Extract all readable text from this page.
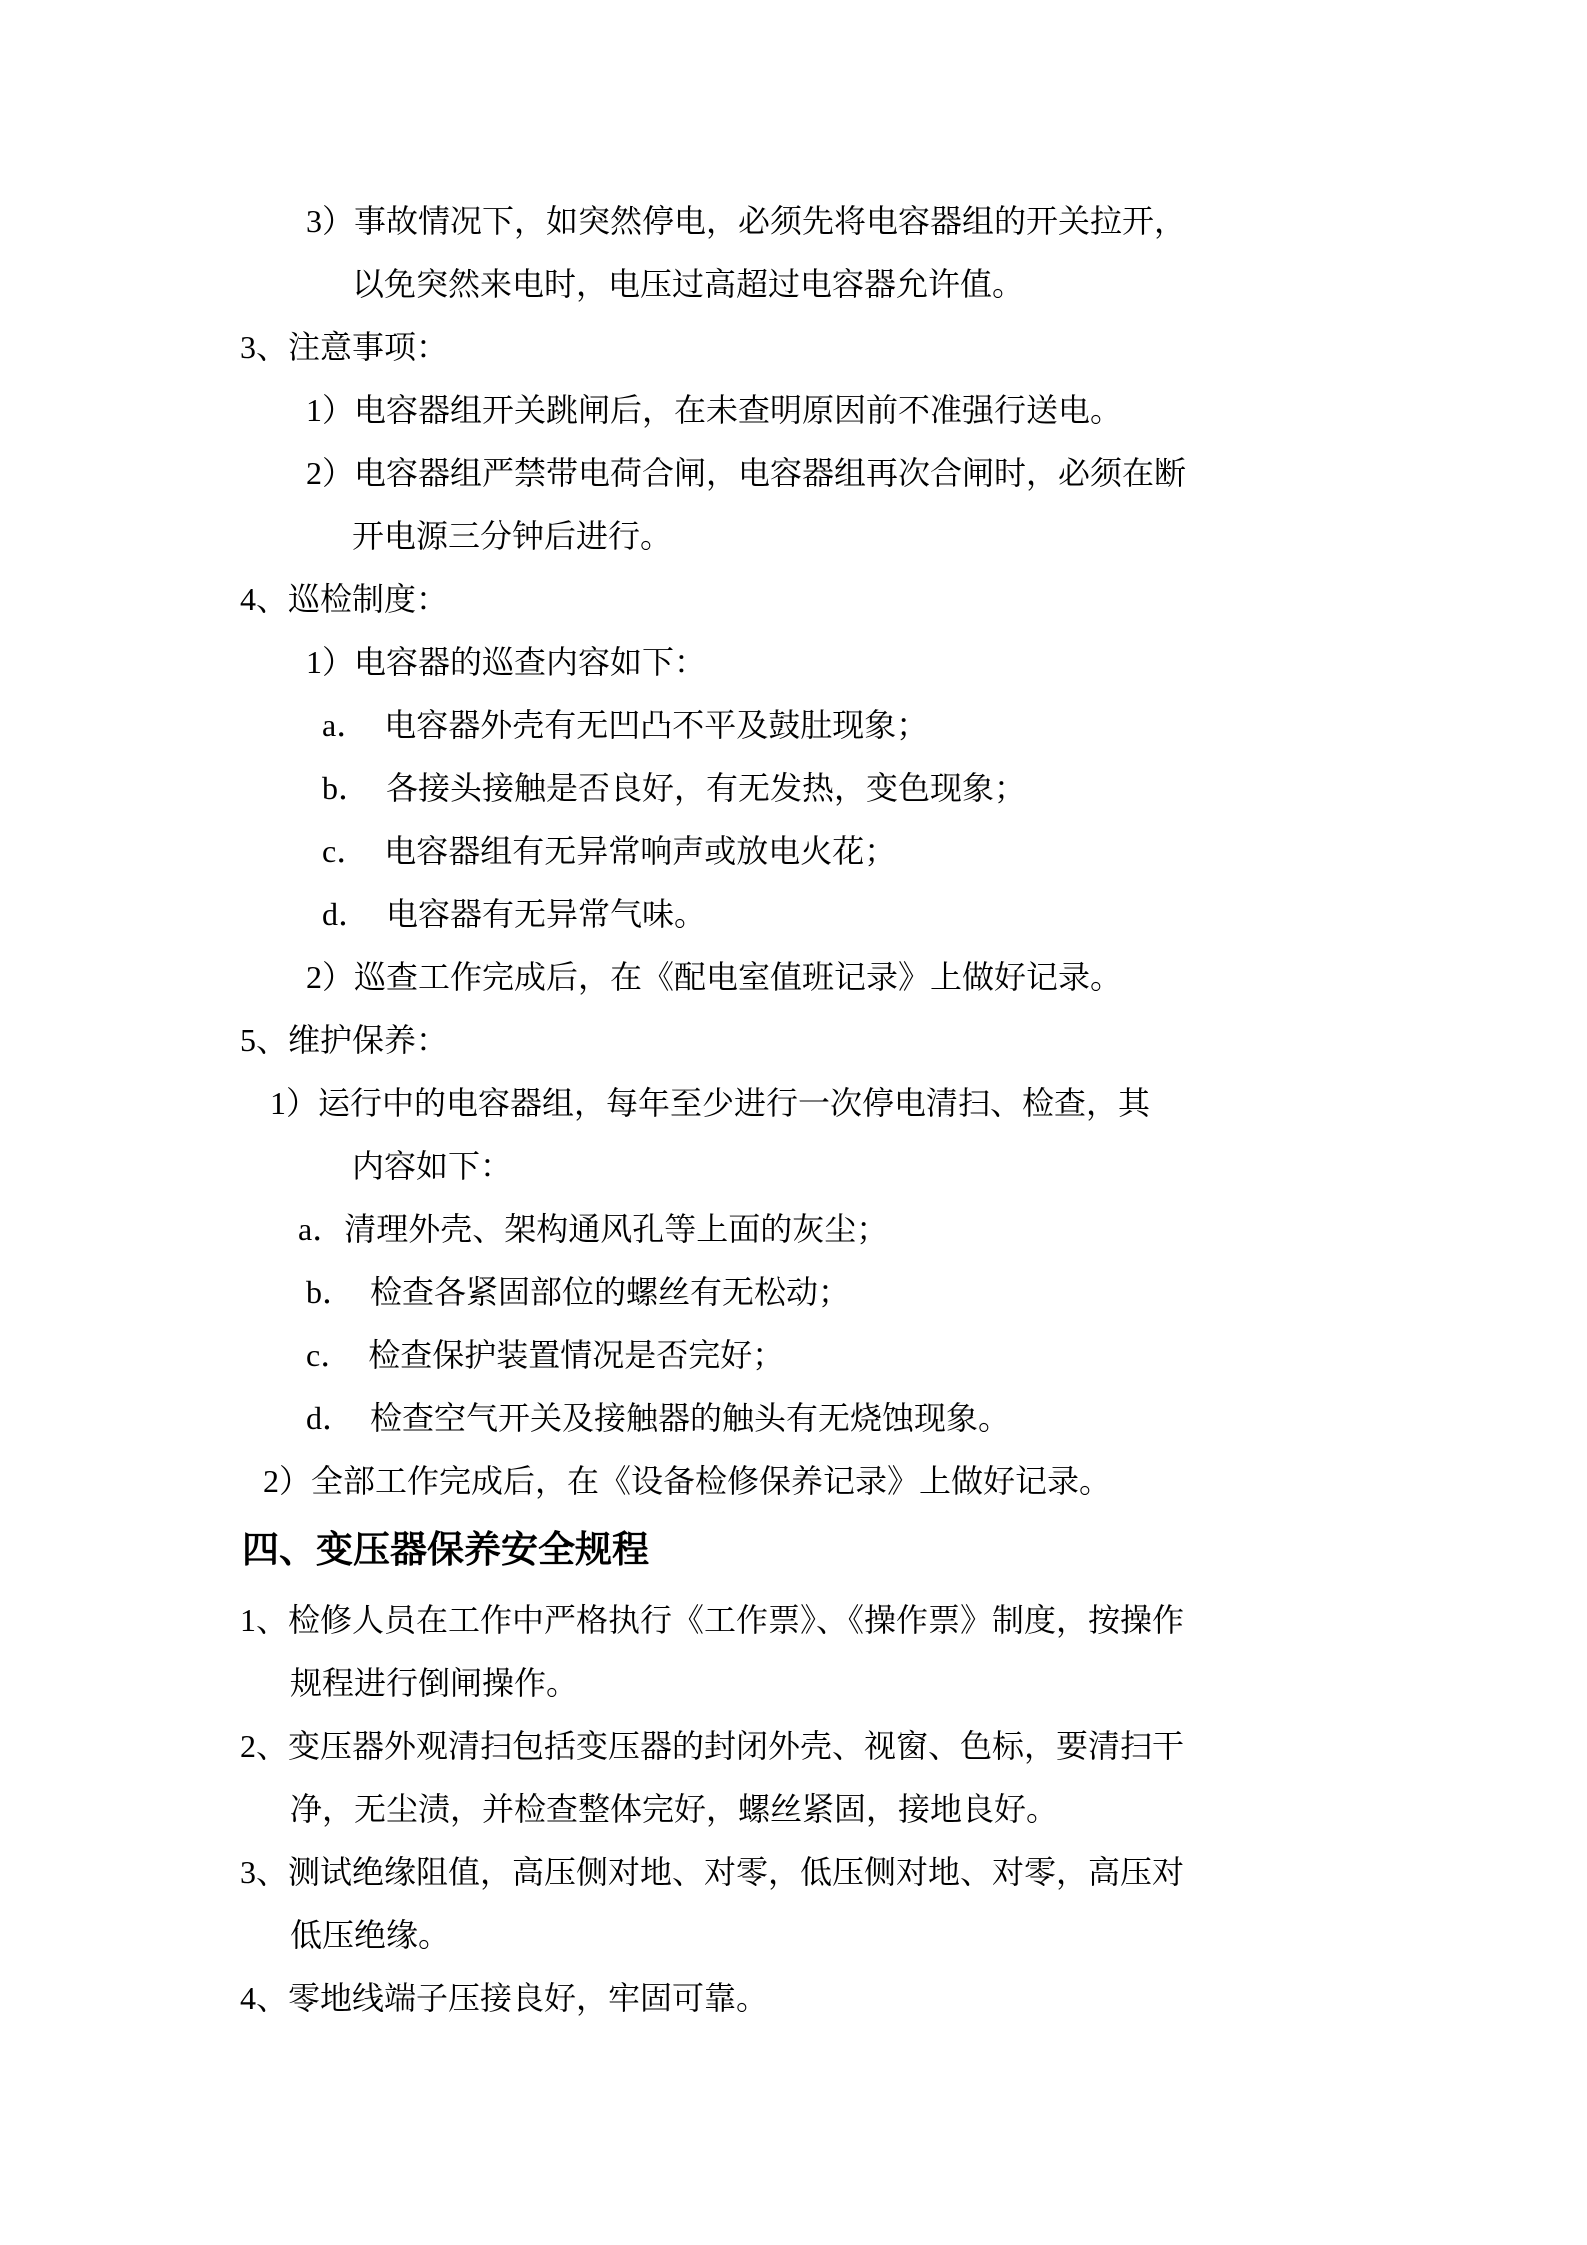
3）事故情况下，如突然停电，必须先将电容器组的开关拉开，
以免突然来电时，电压过高超过电容器允许值。
3、注意事项：
1）电容器组开关跳闸后，在未查明原因前不准强行送电。
2）电容器组严禁带电荷合闸，电容器组再次合闸时，必须在断
开电源三分钟后进行。
4、巡检制度：
1）电容器的巡查内容如下：
a．　电容器外壳有无凹凸不平及鼓肚现象；
b．　各接头接触是否良好，有无发热，变色现象；
c．　电容器组有无异常响声或放电火花；
d．　电容器有无异常气味。
2）巡查工作完成后，在《配电室值班记录》上做好记录。
5、维护保养：
1）运行中的电容器组，每年至少进行一次停电清扫、检查，其
内容如下：
a．清理外壳、架构通风孔等上面的灰尘；
b．　检查各紧固部位的螺丝有无松动；
c．　检查保护装置情况是否完好；
d．　检查空气开关及接触器的触头有无烧蚀现象。
2）全部工作完成后，在《设备检修保养记录》上做好记录。
四、变压器保养安全规程
1、检修人员在工作中严格执行《工作票》、《操作票》制度，按操作
规程进行倒闸操作。
2、变压器外观清扫包括变压器的封闭外壳、视窗、色标，要清扫干
净，无尘渍，并检查整体完好，螺丝紧固，接地良好。
3、测试绝缘阻值，高压侧对地、对零，低压侧对地、对零，高压对
低压绝缘。
4、零地线端子压接良好，牢固可靠。
